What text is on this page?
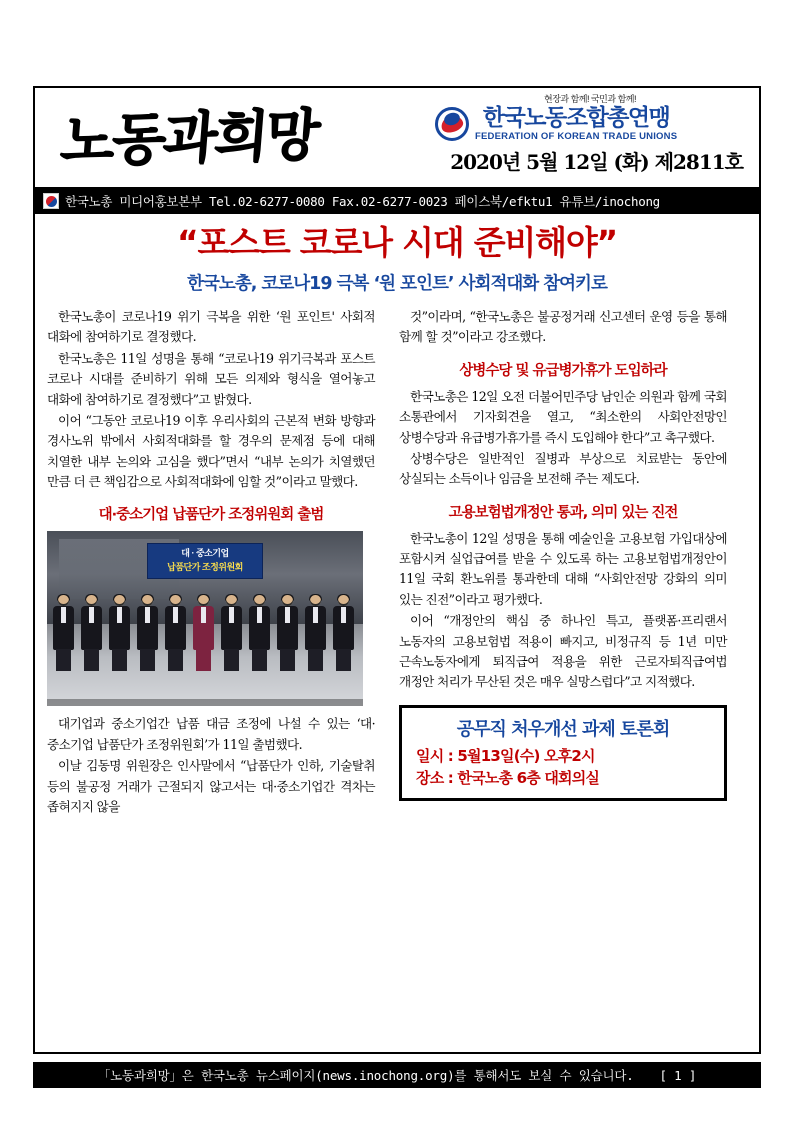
노동과희망
현장과 함께! 국민과 함께!
한국노동조합총연맹
FEDERATION OF KOREAN TRADE UNIONS
2020년 5월 12일 (화) 제2811호
한국노총 미디어홍보본부 Tel.02-6277-0080 Fax.02-6277-0023 페이스북/efktu1 유튜브/inochong
“포스트 코로나 시대 준비해야”
한국노총, 코로나19 극복 ‘원 포인트’ 사회적대화 참여키로

한국노총이 코로나19 위기 극복을 위한 ‘원 포인트' 사회적 대화에 참여하기로 결정했다.

한국노총은 11일 성명을 통해 “코로나19 위기극복과 포스트 코로나 시대를 준비하기 위해 모든 의제와 형식을 열어놓고 대화에 참여하기로 결정했다”고 밝혔다.

이어 “그동안 코로나19 이후 우리사회의 근본적 변화 방향과 경사노위 밖에서 사회적대화를 할 경우의 문제점 등에 대해 치열한 내부 논의와 고심을 했다”면서 “내부 논의가 치열했던 만큼 더 큰 책임감으로 사회적대화에 임할 것”이라고 말했다.

대·중소기업 납품단가 조정위원회 출범
대 · 중소기업
납품단가 조정위원회

대기업과 중소기업간 납품 대금 조정에 나설 수 있는 ‘대·중소기업 납품단가 조정위원회’가 11일 출범했다.

이날 김동명 위원장은 인사말에서 “납품단가 인하, 기술탈취 등의 불공정 거래가 근절되지 않고서는 대·중소기업간 격차는 좁혀지지 않을

것”이라며, “한국노총은 불공정거래 신고센터 운영 등을 통해 함께 할 것”이라고 강조했다.

상병수당 및 유급병가휴가 도입하라

한국노총은 12일 오전 더불어민주당 남인순 의원과 함께 국회 소통관에서 기자회견을 열고, “최소한의 사회안전망인 상병수당과 유급병가휴가를 즉시 도입해야 한다”고 촉구했다.

상병수당은 일반적인 질병과 부상으로 치료받는 동안에 상실되는 소득이나 임금을 보전해 주는 제도다.

고용보험법개정안 통과, 의미 있는 진전

한국노총이 12일 성명을 통해 예술인을 고용보험 가입대상에 포함시켜 실업급여를 받을 수 있도록 하는 고용보험법개정안이 11일 국회 환노위를 통과한데 대해 “사회안전망 강화의 의미 있는 진전”이라고 평가했다.

이어 “개정안의 핵심 중 하나인 특고, 플랫폼·프리랜서 노동자의 고용보험법 적용이 빠지고, 비정규직 등 1년 미만 근속노동자에게 퇴직급여 적용을 위한 근로자퇴직급여법 개정안 처리가 무산된 것은 매우 실망스럽다”고 지적했다.

공무직 처우개선 과제 토론회
일시 : 5월13일(수) 오후2시
장소 : 한국노총 6층 대회의실
「노동과희망」은 한국노총 뉴스페이지(news.inochong.org)를 통해서도 보실 수 있습니다. [ 1 ]
